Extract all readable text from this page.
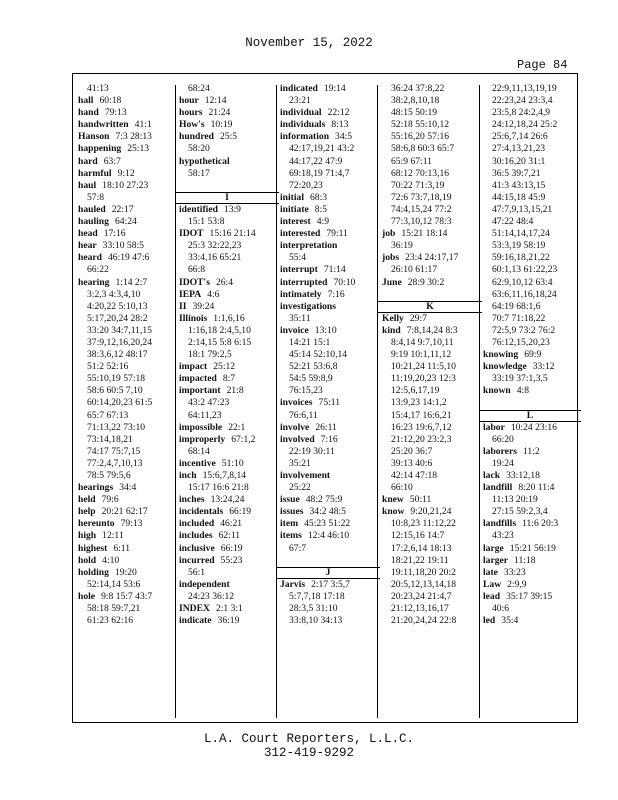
November 15, 2022
Page 84
41:13
hall 60:18
hand 79:13
handwritten 41:1
Hanson 7:3 28:13
happening 25:13
hard 63:7
harmful 9:12
haul 18:10 27:23
57:8
hauled 22:17
hauling 64:24
head 17:16
hear 33:10 58:5
heard 46:19 47:6
66:22
hearing 1:14 2:7
3:2,3 4:3,4,10
4:20,22 5:10,13
5:17,20,24 28:2
33:20 34:7,11,15
37:9,12,16,20,24
38:3,6,12 48:17
51:2 52:16
55:10,19 57:18
58:6 60:5 7,10
60:14,20,23 61:5
65:7 67:13
71:13,22 73:10
73:14,18,21
74:17 75:7,15
77:2,4,7,10,13
78:5 79:5,6
hearings 34:4
held 79:6
help 20:21 62:17
hereunto 79:13
high 12:11
highest 6:11
hold 4:10
holding 19:20
52:14,14 53:6
hole 9:8 15:7 43:7
58:18 59:7,21
61:23 62:16
68:24
hour 12:14
hours 21:24
How's 10:19
hundred 25:5
58:20
hypothetical
58:17
I
identified 13:9
15:1 53:8
IDOT 15:16 21:14
25:3 32:22,23
33:4,16 65:21
66:8
IDOT's 26:4
IEPA 4:6
II 39:24
Illinois 1:1,6,16
1:16,18 2:4,5,10
2:14,15 5:8 6:15
18:1 79:2,5
impact 25:12
impacted 8:7
important 21:8
43:2 47:23
64:11,23
impossible 22:1
improperly 67:1,2
68:14
incentive 51:10
inch 15:6,7,8,14
15:17 16:6 21:8
inches 13:24,24
incidentals 66:19
included 46:21
includes 62:11
inclusive 66:19
incurred 55:23
56:1
independent
24:23 36:12
INDEX 2:1 3:1
indicate 36:19
indicated 19:14
23:21
individual 22:12
individuals 8:13
information 34:5
42:17,19,21 43:2
44:17,22 47:9
69:18,19 71:4,7
72:20,23
initial 68:3
initiate 8:5
interest 4:9
interested 79:11
interpretation
55:4
interrupt 71:14
interrupted 70:10
intimately 7:16
investigations
35:11
invoice 13:10
14:21 15:1
45:14 52:10,14
52:21 53:6,8
54:5 59:8,9
76:15,23
invoices 75:11
76:6,11
involve 26:11
involved 7:16
22:19 30:11
35:21
involvement
25:22
issue 48:2 75:9
issues 34:2 48:5
item 45:23 51:22
items 12:4 46:10
67:7
J
Jarvis 2:17 3:5,7
5:7,7,18 17:18
28:3,5 31:10
33:8,10 34:13
36:24 37:8,22
38:2,8,10,18
48:15 50:19
52:18 55:10,12
55:16,20 57:16
58:6,8 60:3 65:7
65:9 67:11
68:12 70:13,16
70:22 71:3,19
72:6 73:7,18,19
74:4,15,24 77:2
77:3,10,12 78:3
job 15:21 18:14
36:19
jobs 23:4 24:17,17
26:10 61:17
June 28:9 30:2
K
Kelly 29:7
kind 7:8,14,24 8:3
8:4,14 9:7,10,11
9:19 10:1,11,12
10:21,24 11:5,10
11:19,20,23 12:3
12:5,6,17,19
13:9,23 14:1,2
15:4,17 16:6,21
16:23 19:6,7,12
21:12,20 23:2,3
25:20 36:7
39:13 40:6
42:14 47:18
66:10
knew 50:11
know 9:20,21,24
10:8,23 11:12,22
12:15,16 14:7
17:2,6,14 18:13
18:21,22 19:11
19:11,18,20 20:2
20:5,12,13,14,18
20:23,24 21:4,7
21:12,13,16,17
21:20,24,24 22:8
22:9,11,13,19,19
22:23,24 23:3,4
23:5,8 24:2,4,9
24:12,18,24 25:2
25:6,7,14 26:6
27:4,13,21,23
30:16,20 31:1
36:5 39:7,21
41:3 43:13,15
44:15,18 45:9
47:7,9,13,15,21
47:22 48:4
51:14,14,17,24
53:3,19 58:19
59:16,18,21,22
60:1,13 61:22,23
62:9,10,12 63:4
63:6,11,16,18,24
64:19 68:1,6
70:7 71:18,22
72:5,9 73:2 76:2
76:12,15,20,23
knowing 69:9
knowledge 33:12
33:19 37:1,3,5
known 4:8
L
labor 10:24 23:16
66:20
laborers 11:2
19:24
lack 33:12,18
landfill 8:20 11:4
11:13 20:19
27:15 59:2,3,4
landfills 11:6 20:3
43:23
large 15:21 56:19
larger 11:18
late 33:23
Law 2:9,9
lead 35:17 39:15
40:6
led 35:4
L.A. Court Reporters, L.L.C.
312-419-9292
